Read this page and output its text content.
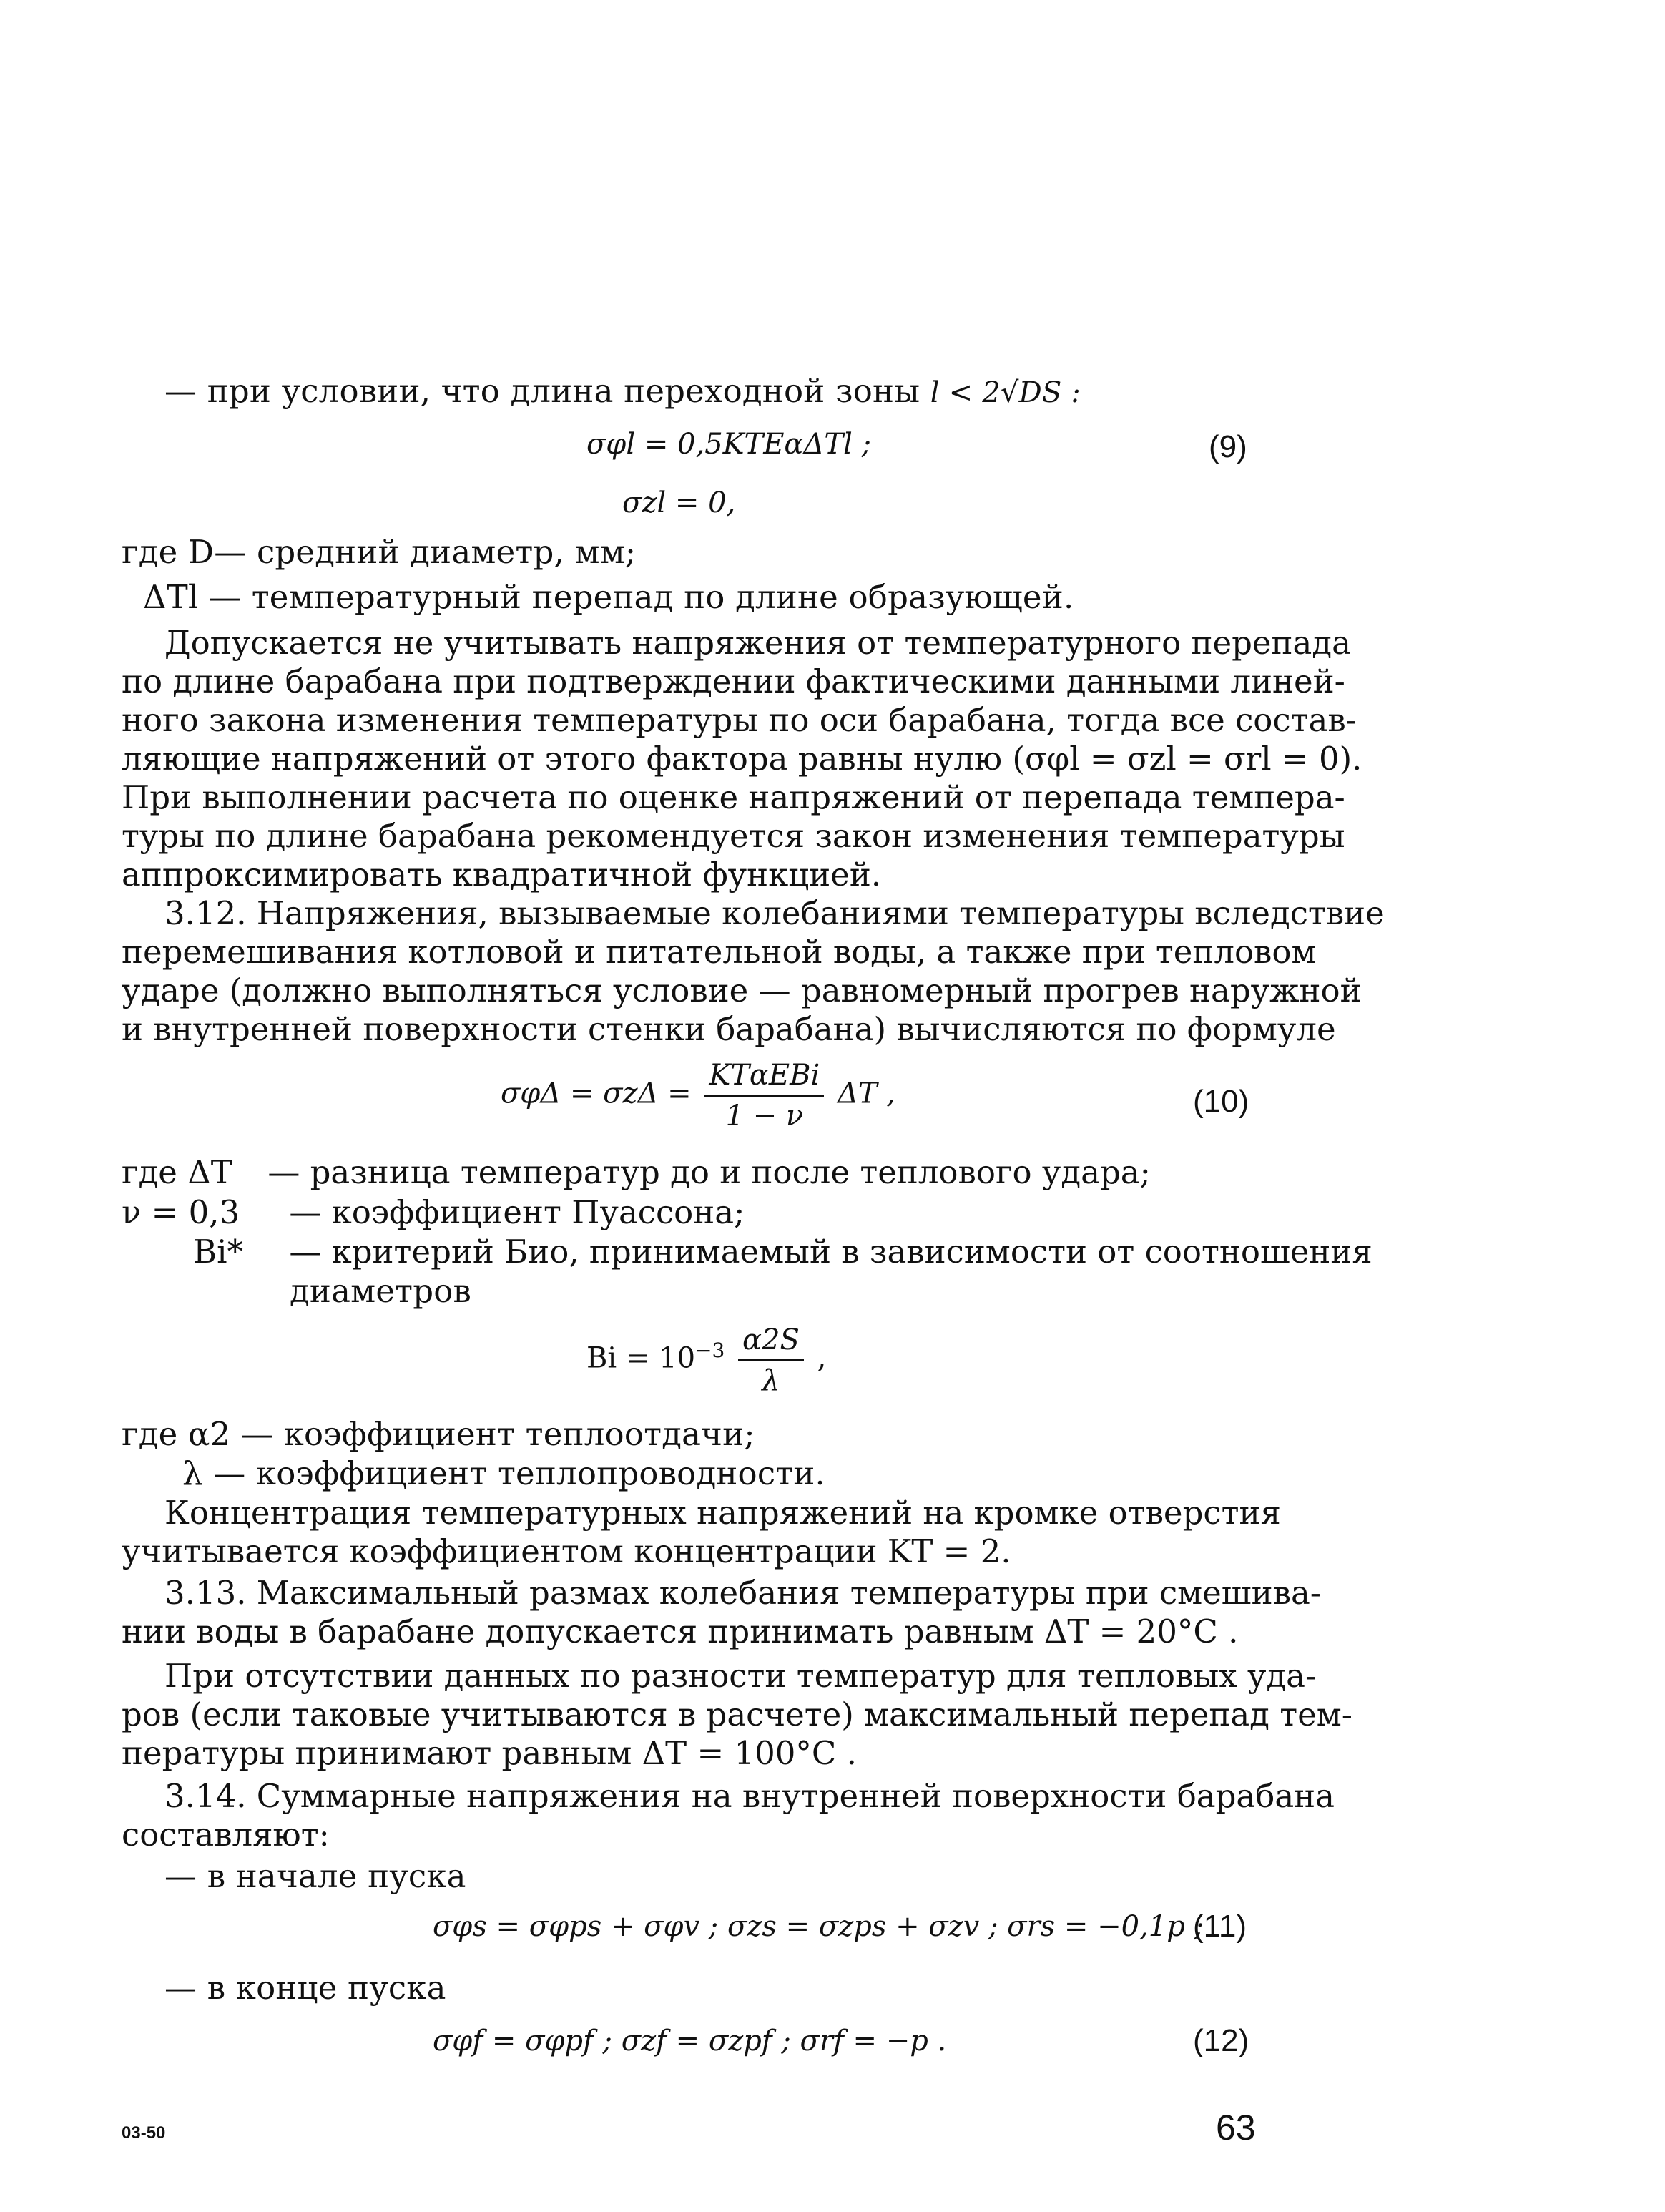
— при условии, что длина переходной зоны l < 2√DS :
σφl = 0,5KTEαΔTl ;	(9)
σzl = 0,
где D— средний диаметр, мм;
ΔTl — температурный перепад по длине образующей.
Допускается не учитывать напряжения от температурного перепада
по длине барабана при подтверждении фактическими данными линей-
ного закона изменения температуры по оси барабана, тогда все состав-
ляющие напряжений от этого фактора равны нулю (σφl = σzl = σrl = 0).
При выполнении расчета по оценке напряжений от перепада темпера-
туры по длине барабана рекомендуется закон изменения температуры
аппроксимировать квадратичной функцией.
3.12. Напряжения, вызываемые колебаниями температуры вследствие
перемешивания котловой и питательной воды, а также при тепловом
ударе (должно выполняться условие — равномерный прогрев наружной
и внутренней поверхности стенки барабана) вычисляются по формуле
$\sigma\varphi\Delta = \sigma z\Delta = \frac{\text{KTαEBi}}{1 - \nu}$ ΔT ,	(10)
где ΔT — разница температур до и после теплового удара;
ν = 0,3 — коэффициент Пуассона;
Bi* — критерий Био, принимаемый в зависимости от соотношения
диаметров
$Bi = 10^{-3} \frac{\alpha 2S}{\lambda}$ ,
где α2 — коэффициент теплоотдачи;
λ — коэффициент теплопроводности.
Концентрация температурных напряжений на кромке отверстия
учитывается коэффициентом концентрации KT = 2.
3.13. Максимальный размах колебания температуры при смешива-
нии воды в барабане допускается принимать равным ΔT = 20°C .
При отсутствии данных по разности температур для тепловых уда-
ров (если таковые учитываются в расчете) максимальный перепад тем-
пературы принимают равным ΔT = 100°C .
3.14. Суммарные напряжения на внутренней поверхности барабана
составляют:
— в начале пуска
σφs = σφps + σφv ; σzs = σzps + σzv ; σrs = −0,1p ;
(11)
— в конце пуска
σφf = σφpf ; σzf = σzpf ; σrf = −p .	(12)
03-50	63
